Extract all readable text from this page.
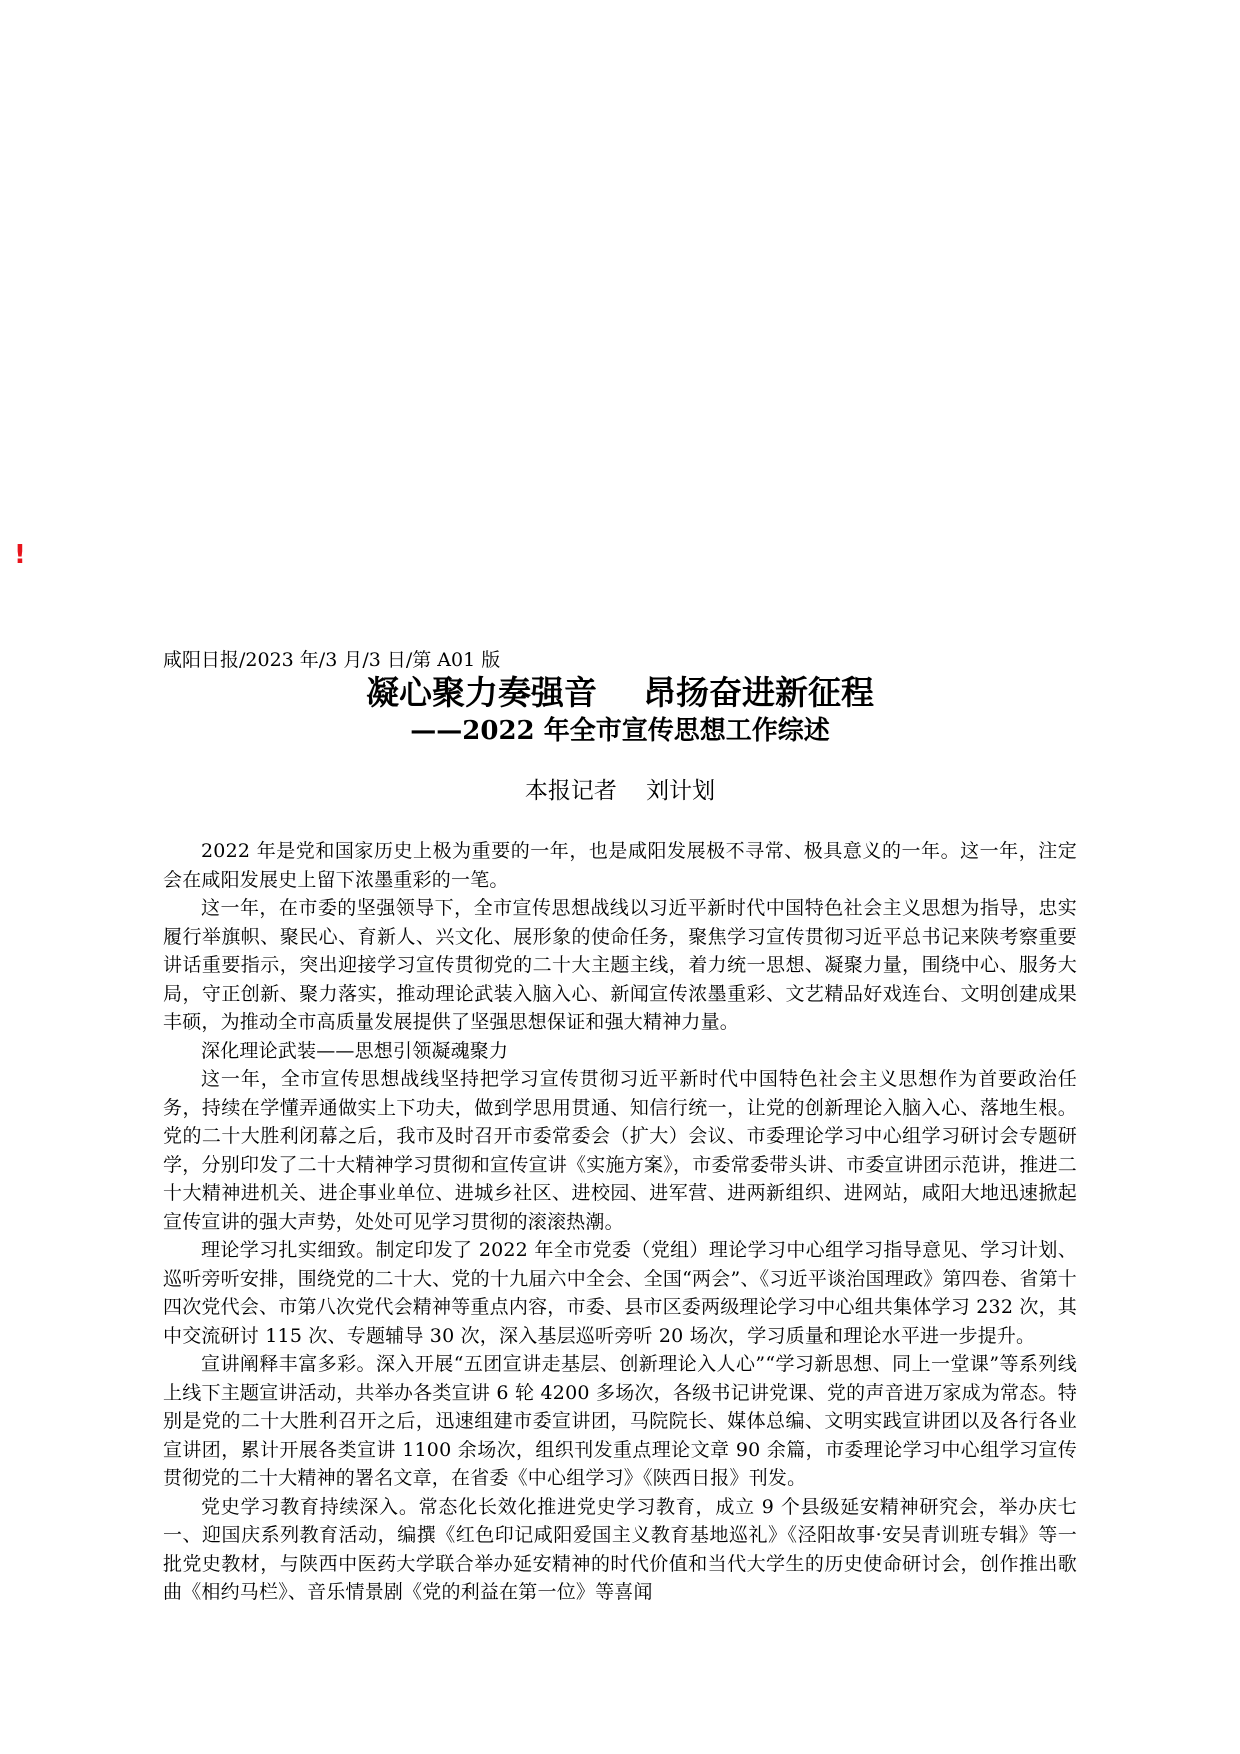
!
咸阳日报/2023 年/3 月/3 日/第 A01 版
凝心聚力奏强音    昂扬奋进新征程
——2022 年全市宣传思想工作综述
本报记者    刘计划

2022 年是党和国家历史上极为重要的一年，也是咸阳发展极不寻常、极具意义的一年。这一年，注定会在咸阳发展史上留下浓墨重彩的一笔。

这一年，在市委的坚强领导下，全市宣传思想战线以习近平新时代中国特色社会主义思想为指导，忠实履行举旗帜、聚民心、育新人、兴文化、展形象的使命任务，聚焦学习宣传贯彻习近平总书记来陕考察重要讲话重要指示，突出迎接学习宣传贯彻党的二十大主题主线，着力统一思想、凝聚力量，围绕中心、服务大局，守正创新、聚力落实，推动理论武装入脑入心、新闻宣传浓墨重彩、文艺精品好戏连台、文明创建成果丰硕，为推动全市高质量发展提供了坚强思想保证和强大精神力量。

深化理论武装——思想引领凝魂聚力

这一年，全市宣传思想战线坚持把学习宣传贯彻习近平新时代中国特色社会主义思想作为首要政治任务，持续在学懂弄通做实上下功夫，做到学思用贯通、知信行统一，让党的创新理论入脑入心、落地生根。党的二十大胜利闭幕之后，我市及时召开市委常委会（扩大）会议、市委理论学习中心组学习研讨会专题研学，分别印发了二十大精神学习贯彻和宣传宣讲《实施方案》，市委常委带头讲、市委宣讲团示范讲，推进二十大精神进机关、进企事业单位、进城乡社区、进校园、进军营、进两新组织、进网站，咸阳大地迅速掀起宣传宣讲的强大声势，处处可见学习贯彻的滚滚热潮。

理论学习扎实细致。制定印发了 2022 年全市党委（党组）理论学习中心组学习指导意见、学习计划、巡听旁听安排，围绕党的二十大、党的十九届六中全会、全国“两会”、《习近平谈治国理政》第四卷、省第十四次党代会、市第八次党代会精神等重点内容，市委、县市区委两级理论学习中心组共集体学习 232 次，其中交流研讨 115 次、专题辅导 30 次，深入基层巡听旁听 20 场次，学习质量和理论水平进一步提升。

宣讲阐释丰富多彩。深入开展“五团宣讲走基层、创新理论入人心”“学习新思想、同上一堂课”等系列线上线下主题宣讲活动，共举办各类宣讲 6 轮 4200 多场次，各级书记讲党课、党的声音进万家成为常态。特别是党的二十大胜利召开之后，迅速组建市委宣讲团，马院院长、媒体总编、文明实践宣讲团以及各行各业宣讲团，累计开展各类宣讲 1100 余场次，组织刊发重点理论文章 90 余篇，市委理论学习中心组学习宣传贯彻党的二十大精神的署名文章，在省委《中心组学习》《陕西日报》刊发。

党史学习教育持续深入。常态化长效化推进党史学习教育，成立 9 个县级延安精神研究会，举办庆七一、迎国庆系列教育活动，编撰《红色印记咸阳爱国主义教育基地巡礼》《泾阳故事·安吴青训班专辑》等一批党史教材，与陕西中医药大学联合举办延安精神的时代价值和当代大学生的历史使命研讨会，创作推出歌曲《相约马栏》、音乐情景剧《党的利益在第一位》等喜闻
